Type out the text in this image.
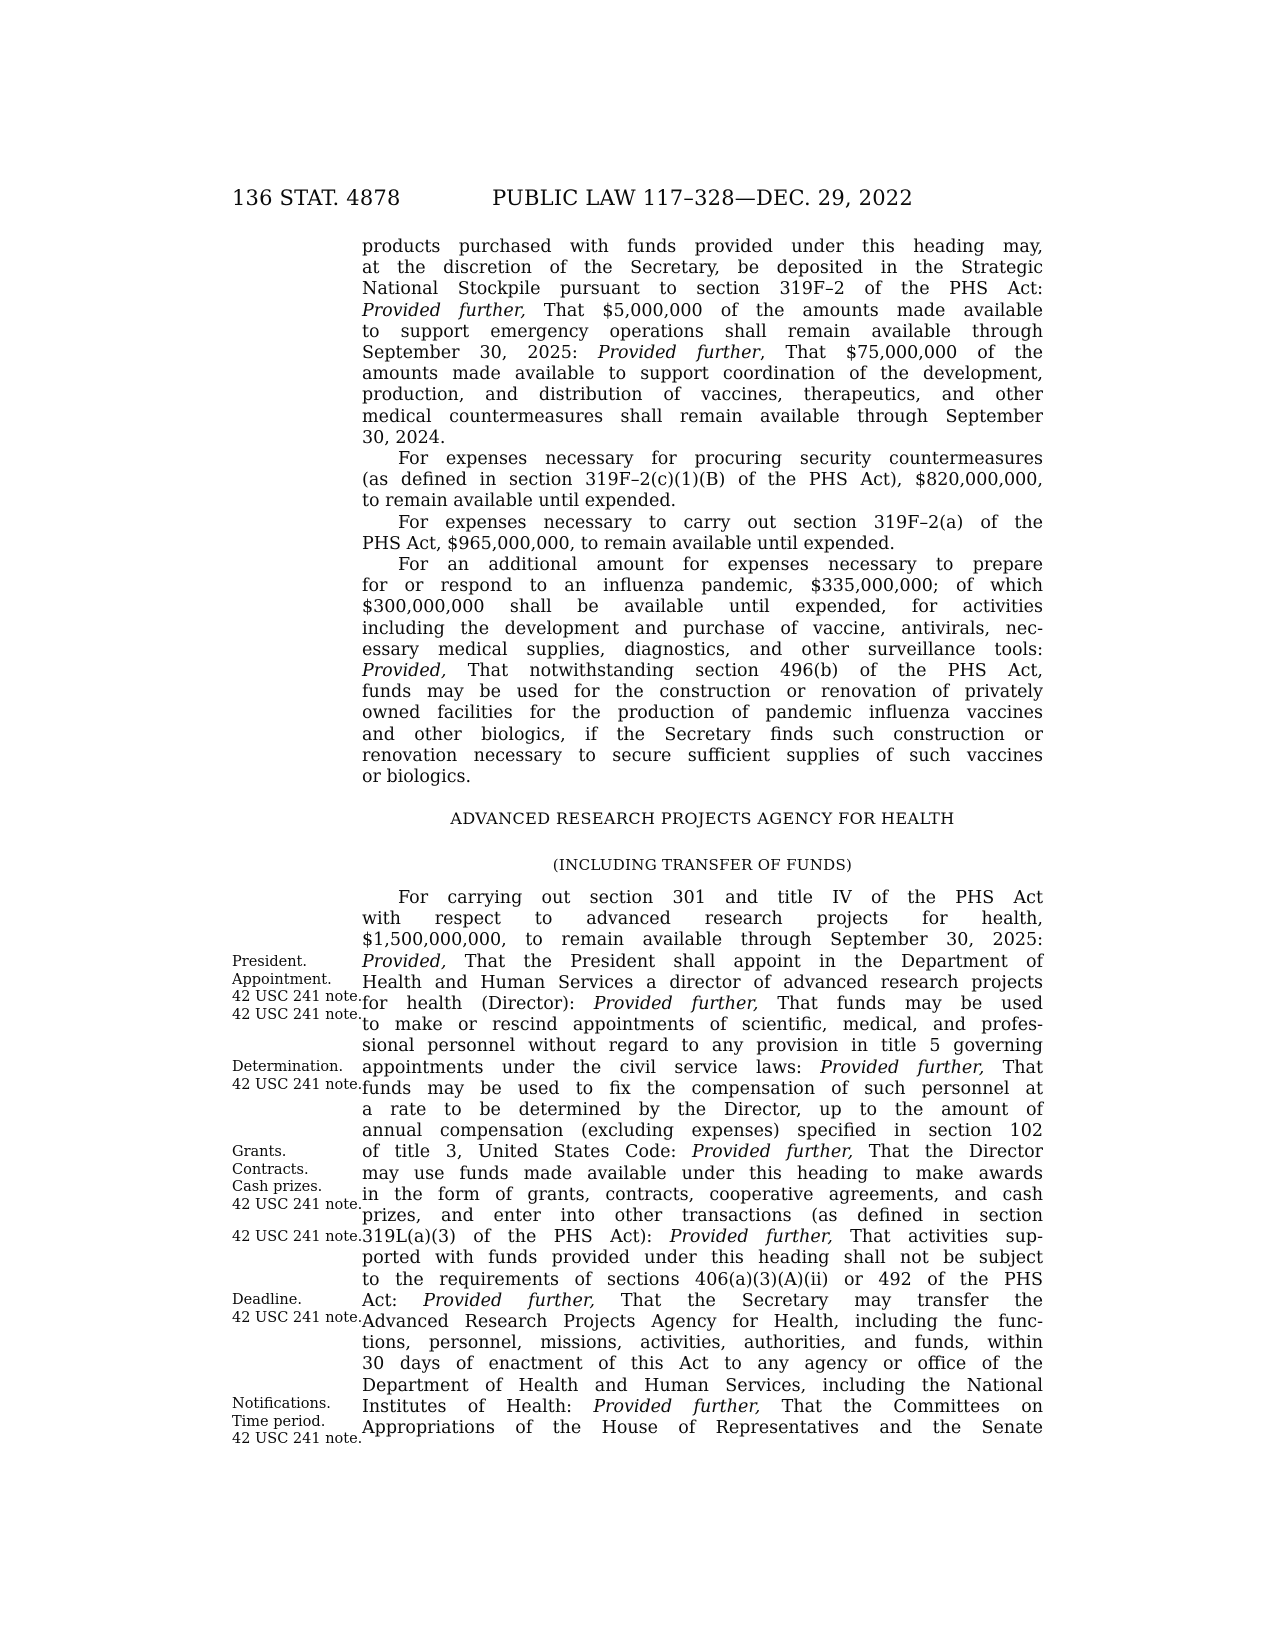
136 STAT. 4878	PUBLIC LAW 117–328—DEC. 29, 2022
products purchased with funds provided under this heading may,
at the discretion of the Secretary, be deposited in the Strategic
National Stockpile pursuant to section 319F–2 of the PHS Act:
Provided further, That $5,000,000 of the amounts made available
to support emergency operations shall remain available through
September 30, 2025: Provided further, That $75,000,000 of the
amounts made available to support coordination of the development,
production, and distribution of vaccines, therapeutics, and other
medical countermeasures shall remain available through September
30, 2024.
For expenses necessary for procuring security countermeasures
(as defined in section 319F–2(c)(1)(B) of the PHS Act), $820,000,000,
to remain available until expended.
For expenses necessary to carry out section 319F–2(a) of the
PHS Act, $965,000,000, to remain available until expended.
For an additional amount for expenses necessary to prepare
for or respond to an influenza pandemic, $335,000,000; of which
$300,000,000 shall be available until expended, for activities
including the development and purchase of vaccine, antivirals, nec-
essary medical supplies, diagnostics, and other surveillance tools:
Provided, That notwithstanding section 496(b) of the PHS Act,
funds may be used for the construction or renovation of privately
owned facilities for the production of pandemic influenza vaccines
and other biologics, if the Secretary finds such construction or
renovation necessary to secure sufficient supplies of such vaccines
or biologics.
ADVANCED RESEARCH PROJECTS AGENCY FOR HEALTH
(INCLUDING TRANSFER OF FUNDS)
For carrying out section 301 and title IV of the PHS Act
with respect to advanced research projects for health,
$1,500,000,000, to remain available through September 30, 2025:
Provided, That the President shall appoint in the Department of
Health and Human Services a director of advanced research projects
for health (Director): Provided further, That funds may be used
to make or rescind appointments of scientific, medical, and profes-
sional personnel without regard to any provision in title 5 governing
appointments under the civil service laws: Provided further, That
funds may be used to fix the compensation of such personnel at
a rate to be determined by the Director, up to the amount of
annual compensation (excluding expenses) specified in section 102
of title 3, United States Code: Provided further, That the Director
may use funds made available under this heading to make awards
in the form of grants, contracts, cooperative agreements, and cash
prizes, and enter into other transactions (as defined in section
319L(a)(3) of the PHS Act): Provided further, That activities sup-
ported with funds provided under this heading shall not be subject
to the requirements of sections 406(a)(3)(A)(ii) or 492 of the PHS
Act: Provided further, That the Secretary may transfer the
Advanced Research Projects Agency for Health, including the func-
tions, personnel, missions, activities, authorities, and funds, within
30 days of enactment of this Act to any agency or office of the
Department of Health and Human Services, including the National
Institutes of Health: Provided further, That the Committees on
Appropriations of the House of Representatives and the Senate
President.
Appointment.
42 USC 241 note.
42 USC 241 note.
Determination.
42 USC 241 note.
Grants.
Contracts.
Cash prizes.
42 USC 241 note.
42 USC 241 note.
Deadline.
42 USC 241 note.
Notifications.
Time period.
42 USC 241 note.
